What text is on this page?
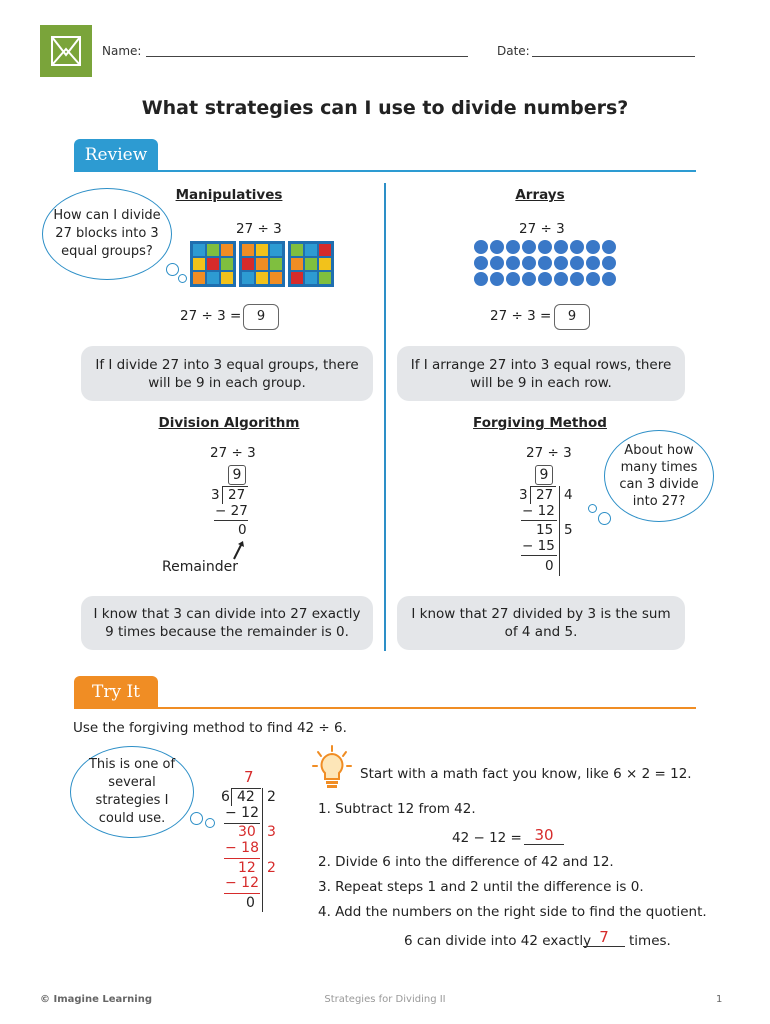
Name:	Date:
What strategies can I use to divide numbers?
Review
Manipulatives
How can I divide 27 blocks into 3 equal groups?
27 ÷ 3
27 ÷ 3 =	9
If I divide 27 into 3 equal groups, there will be 9 in each group.
Arrays
27 ÷ 3
27 ÷ 3 =	9
If I arrange 27 into 3 equal rows, there will be 9 in each row.
Division Algorithm
27 ÷ 3
9
3 27
− 27
0
Remainder
I know that 3 can divide into 27 exactly 9 times because the remainder is 0.
Forgiving Method
27 ÷ 3
9
3 27 4
− 12
15 5
− 15
0
About how many times can 3 divide into 27?
I know that 27 divided by 3 is the sum of 4 and 5.
Try It
Use the forgiving method to find 42 ÷ 6.
This is one of several strategies I could use.
7
6 42 2
− 12
30 3
− 18
12 2
− 12
0
Start with a math fact you know, like 6 × 2 = 12.
1. Subtract 12 from 42.
42 − 12 = 30
2. Divide 6 into the difference of 42 and 12.
3. Repeat steps 1 and 2 until the difference is 0.
4. Add the numbers on the right side to find the quotient.
6 can divide into 42 exactly 7	times.
© Imagine Learning	Strategies for Dividing II	1
